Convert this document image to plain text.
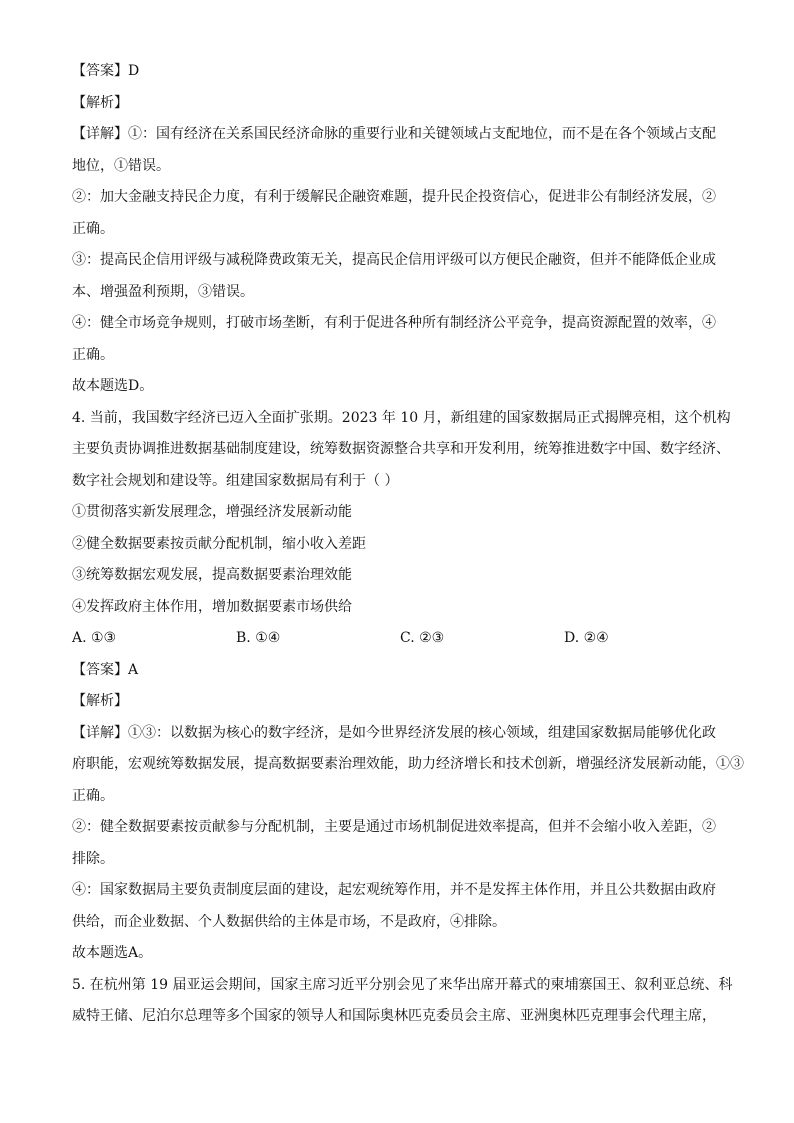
【答案】D

【解析】

【详解】①：国有经济在关系国民经济命脉的重要行业和关键领域占支配地位，而不是在各个领域占支配

地位，①错误。

②：加大金融支持民企力度，有利于缓解民企融资难题，提升民企投资信心，促进非公有制经济发展，②

正确。

③：提高民企信用评级与减税降费政策无关，提高民企信用评级可以方便民企融资，但并不能降低企业成

本、增强盈利预期，③错误。

④：健全市场竞争规则，打破市场垄断，有利于促进各种所有制经济公平竞争，提高资源配置的效率，④

正确。

故本题选D。

4. 当前，我国数字经济已迈入全面扩张期。2023 年 10 月，新组建的国家数据局正式揭牌亮相，这个机构

主要负责协调推进数据基础制度建设，统筹数据资源整合共享和开发利用，统筹推进数字中国、数字经济、

数字社会规划和建设等。组建国家数据局有利于（ ）

①贯彻落实新发展理念，增强经济发展新动能

②健全数据要素按贡献分配机制，缩小收入差距

③统筹数据宏观发展，提高数据要素治理效能

④发挥政府主体作用，增加数据要素市场供给

A. ①③	B. ①④	C. ②③	D. ②④

【答案】A

【解析】

【详解】①③：以数据为核心的数字经济，是如今世界经济发展的核心领域，组建国家数据局能够优化政

府职能，宏观统筹数据发展，提高数据要素治理效能，助力经济增长和技术创新，增强经济发展新动能，①③

正确。

②：健全数据要素按贡献参与分配机制，主要是通过市场机制促进效率提高，但并不会缩小收入差距，②

排除。

④：国家数据局主要负责制度层面的建设，起宏观统筹作用，并不是发挥主体作用，并且公共数据由政府

供给，而企业数据、个人数据供给的主体是市场，不是政府，④排除。

故本题选A。

5. 在杭州第 19 届亚运会期间，国家主席习近平分别会见了来华出席开幕式的柬埔寨国王、叙利亚总统、科

威特王储、尼泊尔总理等多个国家的领导人和国际奥林匹克委员会主席、亚洲奥林匹克理事会代理主席，
